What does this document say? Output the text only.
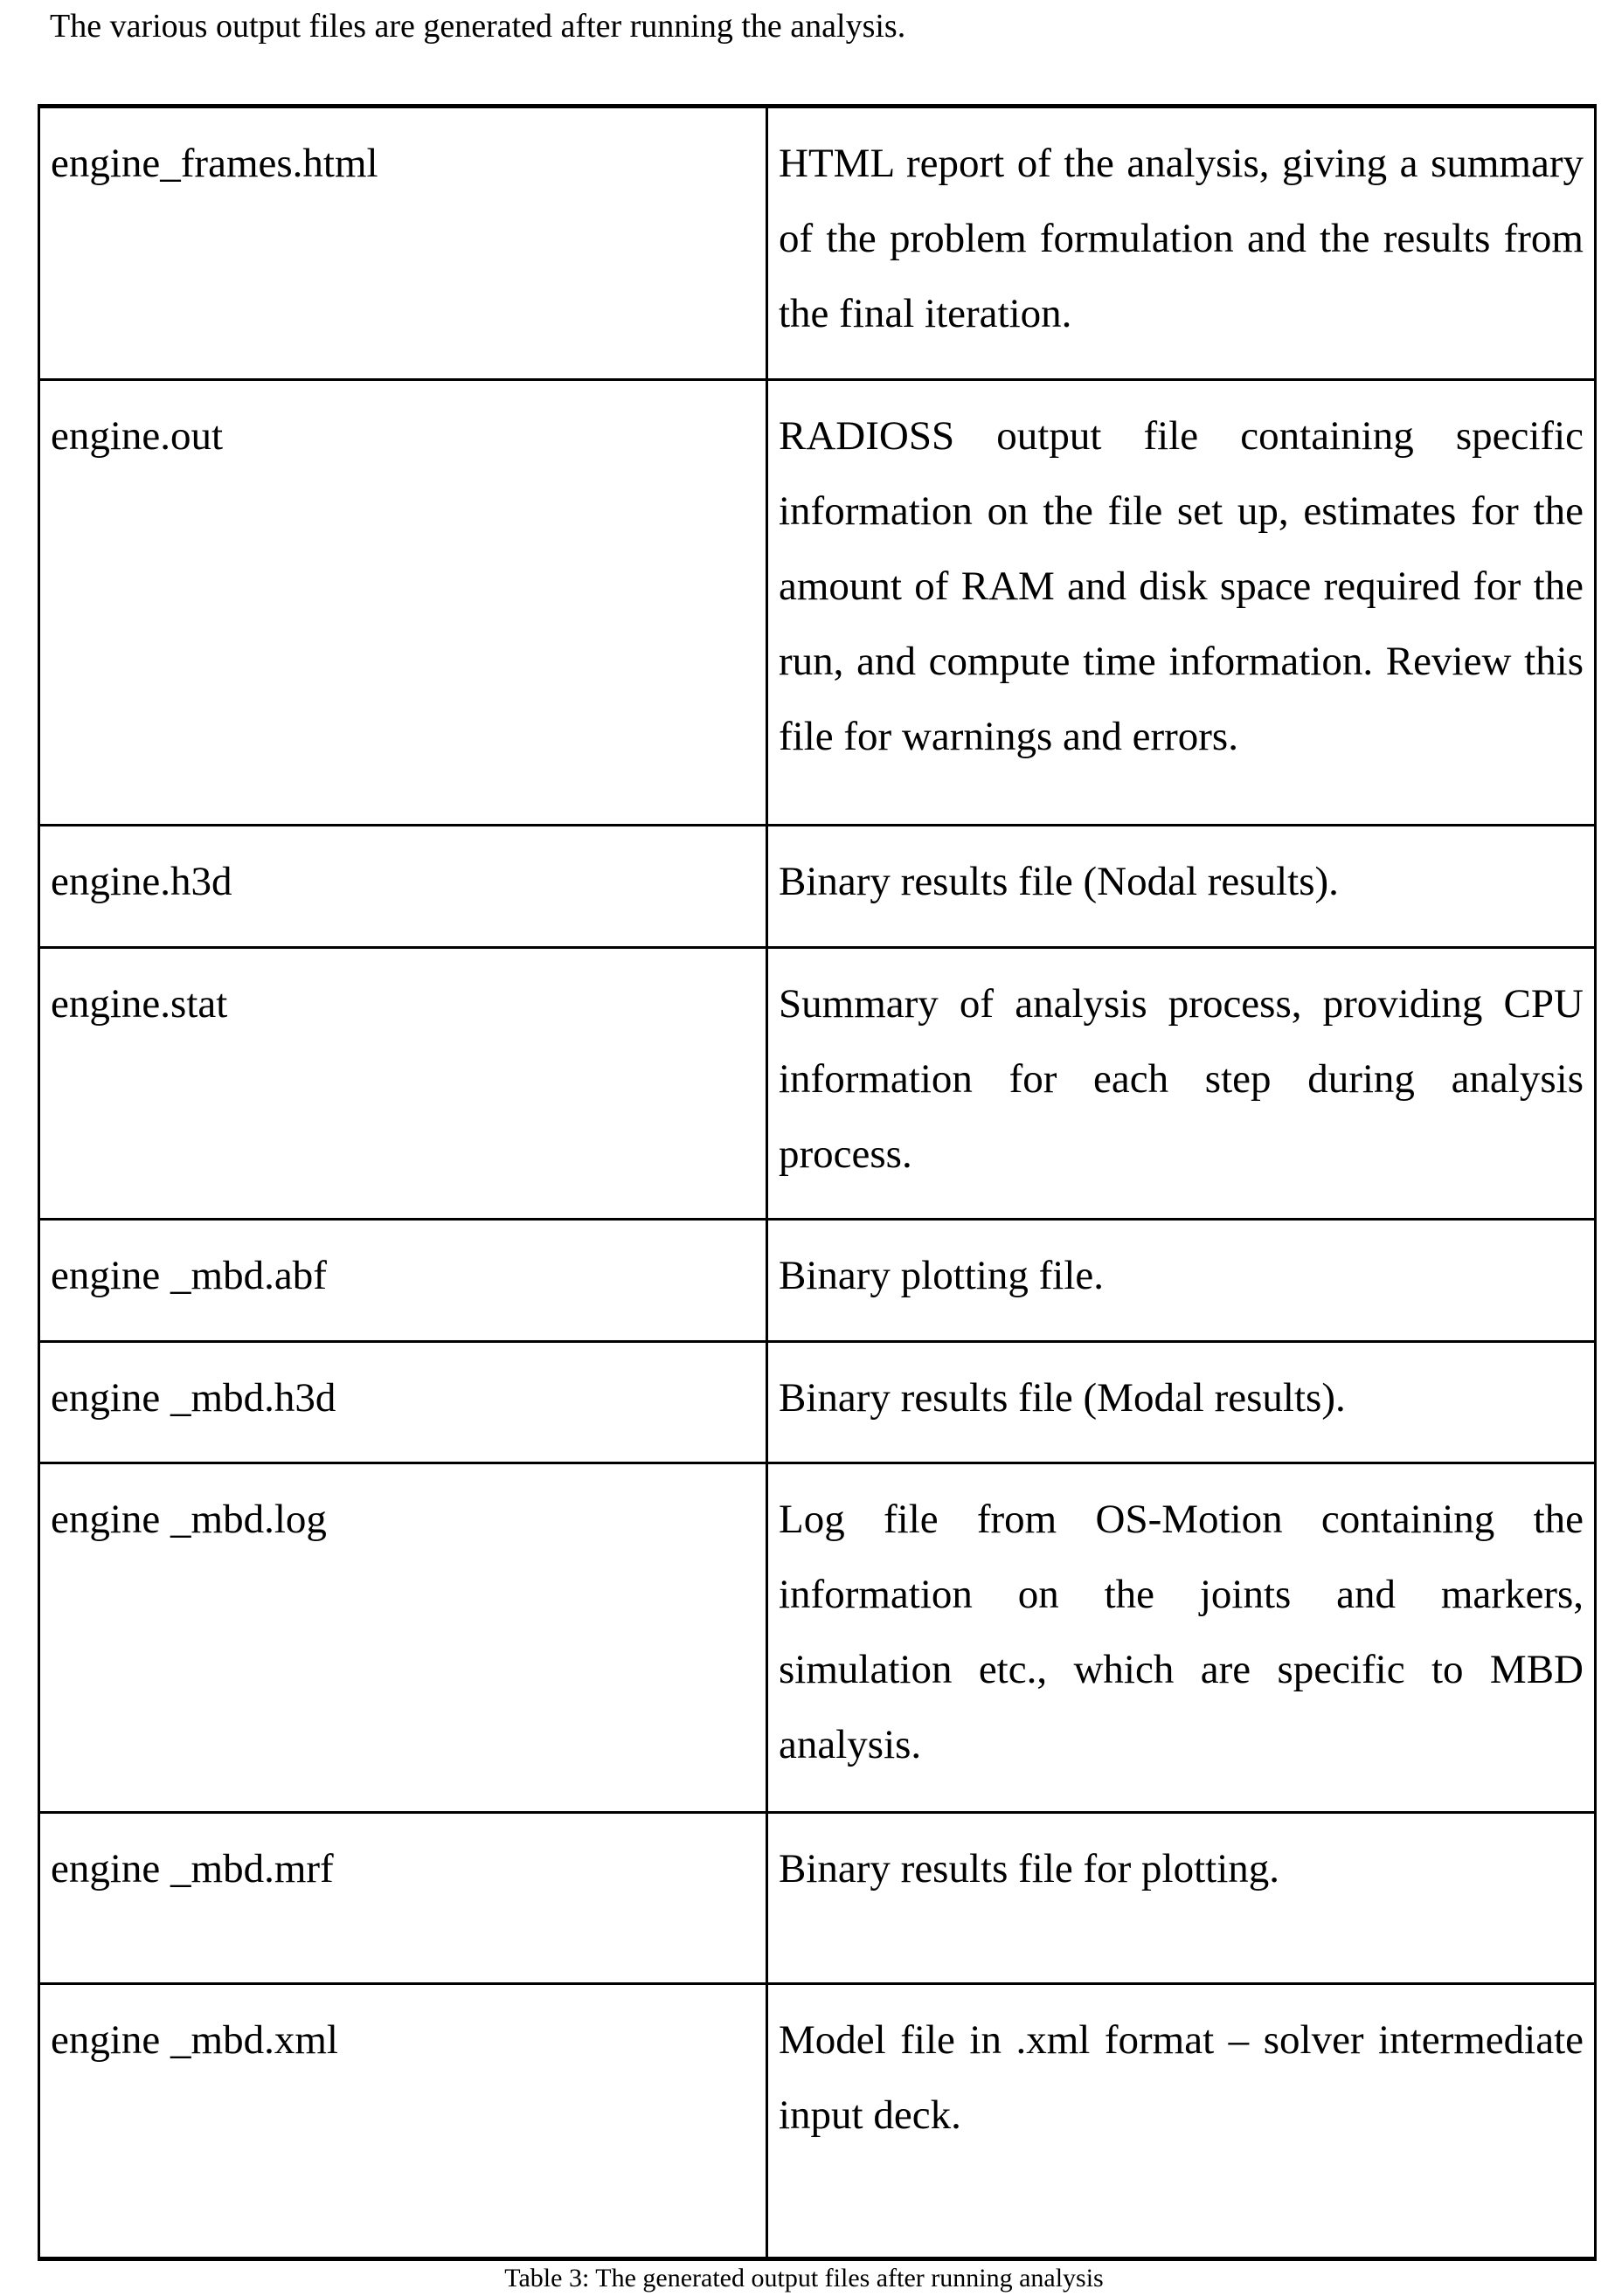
The various output files are generated after running the analysis.
engine_frames.html	HTML report of the analysis, giving a summary of the problem formulation and the results from the final iteration.
engine.out	RADIOSS output file containing specific information on the file set up, estimates for the amount of RAM and disk space required for the run, and compute time information. Review this file for warnings and errors.
engine.h3d	Binary results file (Nodal results).
engine.stat	Summary of analysis process, providing CPU information for each step during analysis process.
engine _mbd.abf	Binary plotting file.
engine _mbd.h3d	Binary results file (Modal results).
engine _mbd.log	Log file from OS-Motion containing the information on the joints and markers, simulation etc., which are specific to MBD analysis.
engine _mbd.mrf	Binary results file for plotting.
engine _mbd.xml	Model file in .xml format – solver intermediate input deck.
Table 3: The generated output files after running analysis
